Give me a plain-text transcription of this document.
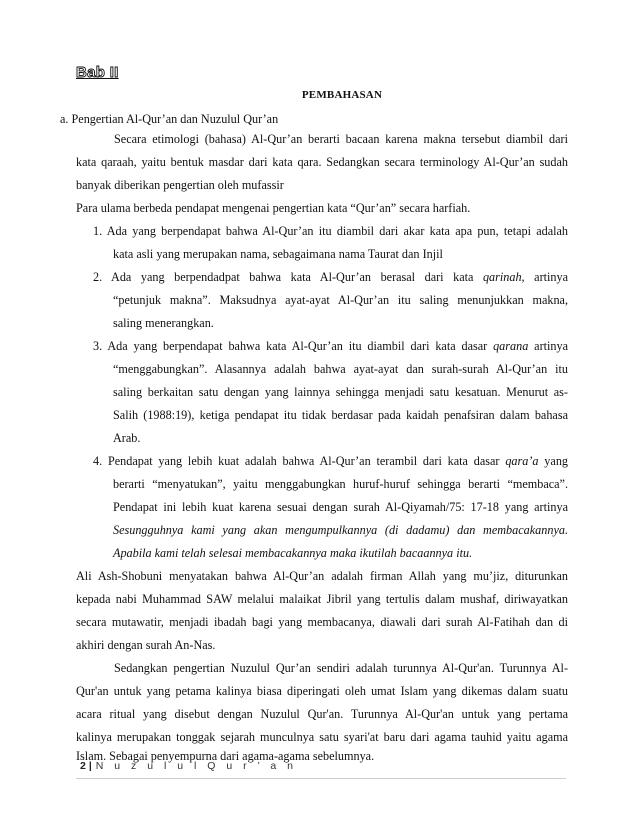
Bab II
PEMBAHASAN
a. Pengertian Al-Qur’an dan Nuzulul Qur’an
Secara etimologi (bahasa) Al-Qur’an berarti bacaan karena makna tersebut diambil dari
kata qaraah, yaitu bentuk masdar dari kata qara. Sedangkan secara terminology Al-Qur’an sudah
banyak diberikan pengertian oleh mufassir
Para ulama berbeda pendapat mengenai pengertian kata “Qur’an” secara harfiah.
1. Ada yang berpendapat bahwa Al-Qur’an itu diambil dari akar kata apa pun, tetapi adalah
kata asli yang merupakan nama, sebagaimana nama Taurat dan Injil
2. Ada yang berpendadpat bahwa kata Al-Qur’an berasal dari kata qarinah, artinya
“petunjuk makna”. Maksudnya ayat-ayat Al-Qur’an itu saling menunjukkan makna,
saling menerangkan.
3. Ada yang berpendapat bahwa kata Al-Qur’an itu diambil dari kata dasar qarana artinya
“menggabungkan”. Alasannya adalah bahwa ayat-ayat dan surah-surah Al-Qur’an itu
saling berkaitan satu dengan yang lainnya sehingga menjadi satu kesatuan. Menurut as-
Salih (1988:19), ketiga pendapat itu tidak berdasar pada kaidah penafsiran dalam bahasa
Arab.
4. Pendapat yang lebih kuat adalah bahwa Al-Qur’an terambil dari kata dasar qara’a yang
berarti “menyatukan”, yaitu menggabungkan huruf-huruf sehingga berarti “membaca”.
Pendapat ini lebih kuat karena sesuai dengan surah Al-Qiyamah/75: 17-18 yang artinya
Sesungguhnya kami yang akan mengumpulkannya (di dadamu) dan membacakannya.
Apabila kami telah selesai membacakannya maka ikutilah bacaannya itu.
Ali Ash-Shobuni menyatakan bahwa Al-Qur’an adalah firman Allah yang mu’jiz, diturunkan
kepada nabi Muhammad SAW melalui malaikat Jibril yang tertulis dalam mushaf, diriwayatkan
secara mutawatir, menjadi ibadah bagi yang membacanya, diawali dari surah Al-Fatihah dan di
akhiri dengan surah An-Nas.
Sedangkan pengertian Nuzulul Qur’an sendiri adalah turunnya Al-Qur'an. Turunnya Al-
Qur'an untuk yang petama kalinya biasa diperingati oleh umat Islam yang dikemas dalam suatu
acara ritual yang disebut dengan Nuzulul Qur'an. Turunnya Al-Qur'an untuk yang pertama
kalinya merupakan tonggak sejarah munculnya satu syari'at baru dari agama tauhid yaitu agama
Islam. Sebagai penyempurna dari agama-agama sebelumnya.
2 | N u z u l u l Q u r ’ a n
